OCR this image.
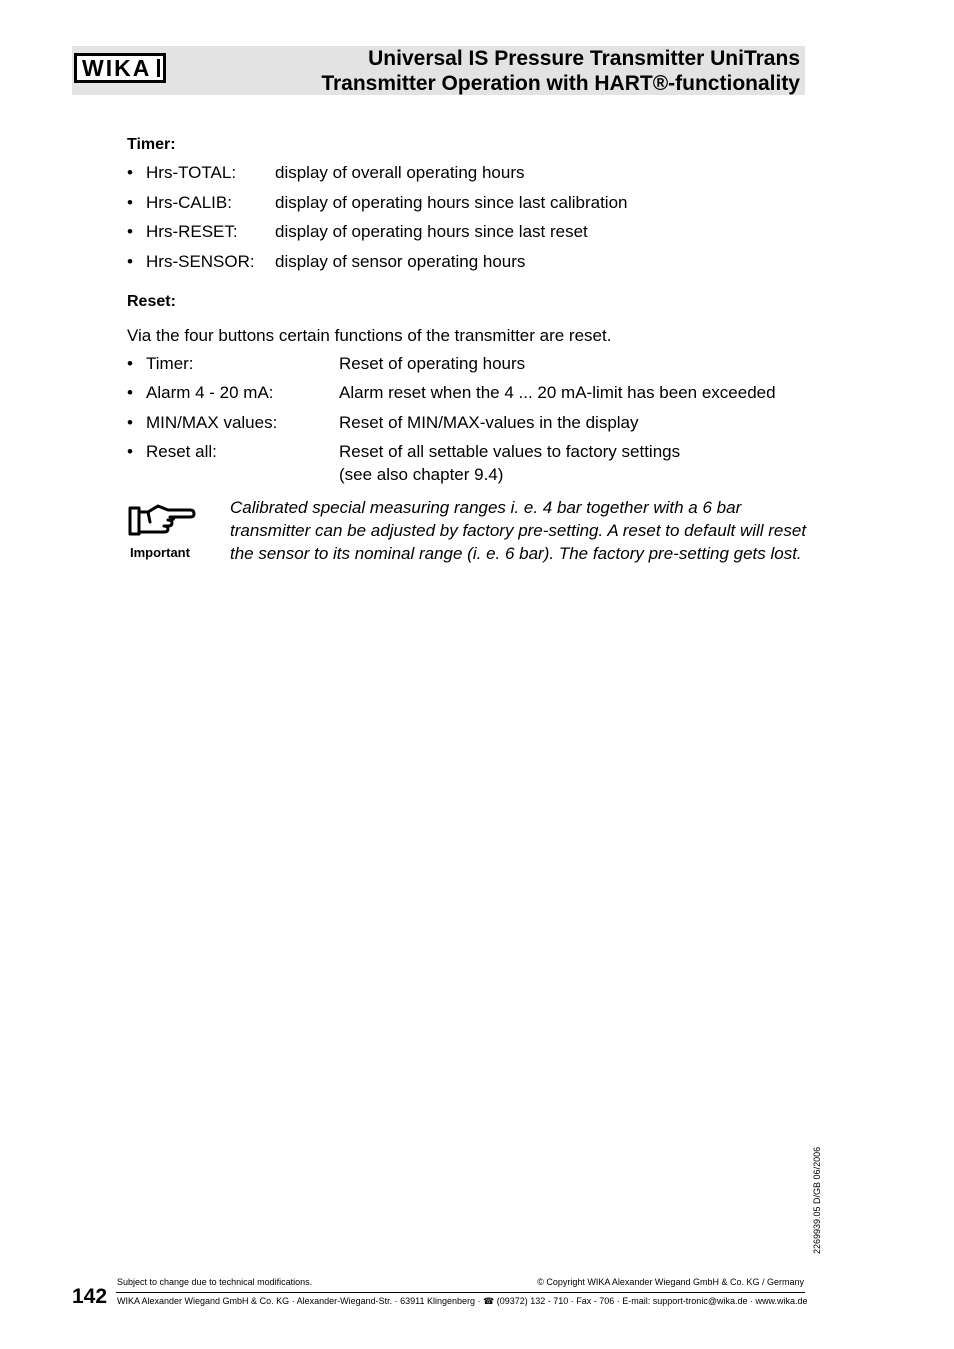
WIKA	Universal IS Pressure Transmitter UniTrans
Transmitter Operation with HART®-functionality
Timer:
• Hrs-TOTAL: display of overall operating hours
• Hrs-CALIB:	display of operating hours since last calibration
• Hrs-RESET: display of operating hours since last reset
• Hrs-SENSOR: display of sensor operating hours
Reset:
Via the four buttons certain functions of the transmitter are reset.
• Timer:	Reset of operating hours
• Alarm 4 - 20 mA:	Alarm reset when the 4 ... 20 mA-limit has been exceeded
• MIN/MAX values:	Reset of MIN/MAX-values in the display
• Reset all:	Reset of all settable values to factory settings
(see also chapter 9.4)
Important
Calibrated special measuring ranges i. e. 4 bar together with a 6 bar transmitter can be adjusted by factory pre-setting. A reset to default will reset the sensor to its nominal range (i. e. 6 bar). The factory pre-setting gets lost.
2269939.05 D/GB 06/2006
Subject to change due to technical modifications.	© Copyright WIKA Alexander Wiegand GmbH & Co. KG / Germany
142 WIKA Alexander Wiegand GmbH & Co. KG · Alexander-Wiegand-Str. · 63911 Klingenberg · ☎ (09372) 132 - 710 · Fax - 706 · E-mail: support-tronic@wika.de · www.wika.de
